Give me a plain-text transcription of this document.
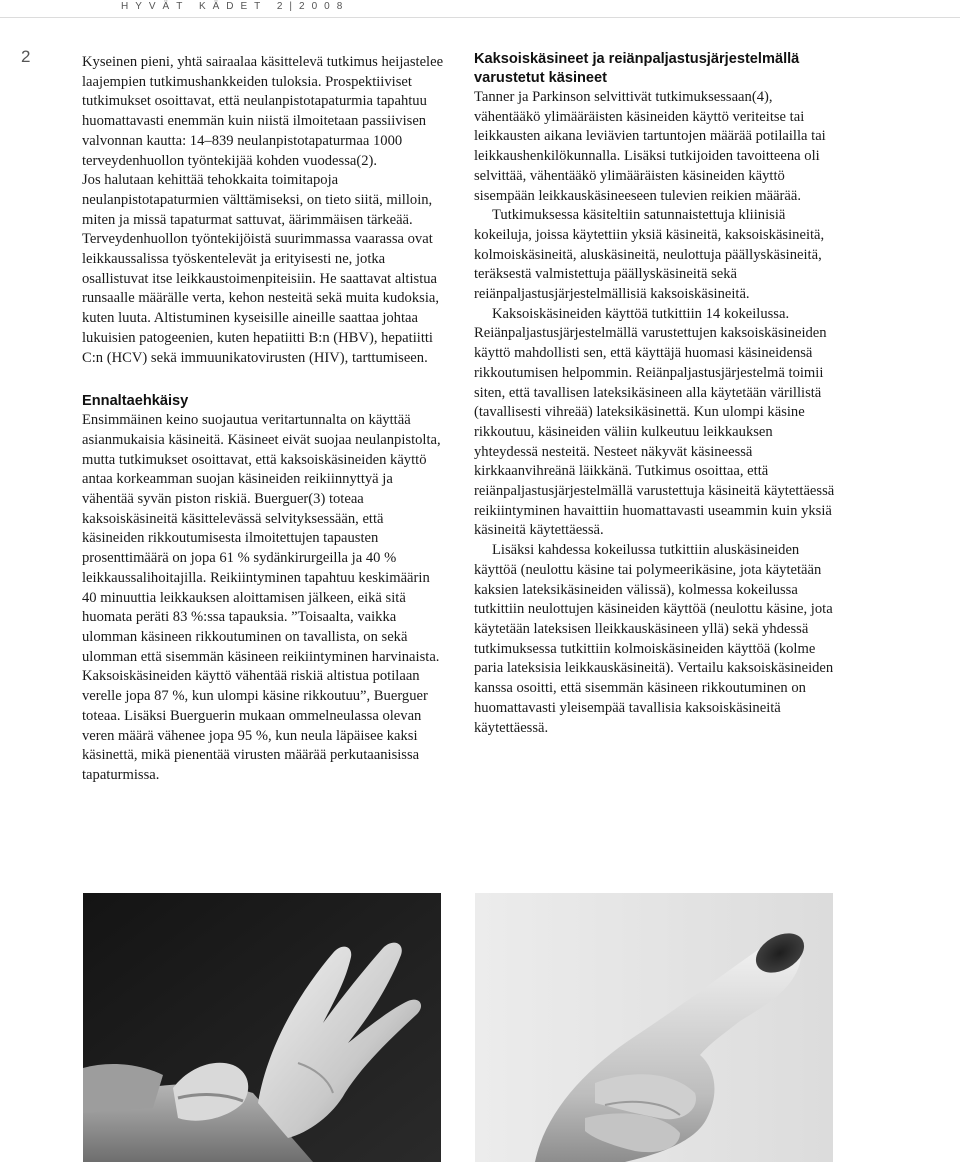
HYVÄT KÄDET 2|2008
2	Kyseinen pieni, yhtä sairaalaa käsittelevä tutkimus heijastelee laajempien tutkimushankkeiden tuloksia. Prospektiiviset tutkimukset osoittavat, että neulanpistotapaturmia tapahtuu huomattavasti enemmän kuin niistä ilmoitetaan passiivisen valvonnan kautta: 14–839 neulanpistotapaturmaa 1000 terveydenhuollon työntekijää kohden vuodessa(2).

Jos halutaan kehittää tehokkaita toimitapoja neulanpistotapaturmien välttämiseksi, on tieto siitä, milloin, miten ja missä tapaturmat sattuvat, äärimmäisen tärkeää. Terveydenhuollon työntekijöistä suurimmassa vaarassa ovat leikkaussalissa työskentelevät ja erityisesti ne, jotka osallistuvat itse leikkaustoimenpiteisiin. He saattavat altistua runsaalle määrälle verta, kehon nesteitä sekä muita kudoksia, kuten luuta. Altistuminen kyseisille aineille saattaa johtaa lukuisien patogeenien, kuten hepatiitti B:n (HBV), hepatiitti C:n (HCV) sekä immuunikatovirusten (HIV), tarttumiseen.

Ennaltaehkäisy

Ensimmäinen keino suojautua veritartunnalta on käyttää asianmukaisia käsineitä. Käsineet eivät suojaa neulanpistolta, mutta tutkimukset osoittavat, että kaksoiskäsineiden käyttö antaa korkeamman suojan käsineiden reikiinnyttyä ja vähentää syvän piston riskiä. Buerguer(3) toteaa kaksoiskäsineitä käsittelevässä selvityksessään, että käsineiden rikkoutumisesta ilmoitettujen tapausten prosenttimäärä on jopa 61 % sydänkirurgeilla ja 40 % leikkaussalihoitajilla. Reikiintyminen tapahtuu keskimäärin 40 minuuttia leikkauksen aloittamisen jälkeen, eikä sitä huomata peräti 83 %:ssa tapauksia. ”Toisaalta, vaikka ulomman käsineen rikkoutuminen on tavallista, on sekä ulomman että sisemmän käsineen reikiintyminen harvinaista. Kaksoiskäsineiden käyttö vähentää riskiä altistua potilaan verelle jopa 87 %, kun ulompi käsine rikkoutuu”, Buerguer toteaa. Lisäksi Buerguerin mukaan ommelneulassa olevan veren määrä vähenee jopa 95 %, kun neula läpäisee kaksi käsinettä, mikä pienentää virusten määrää perkutaanisissa tapaturmissa.

Kaksoiskäsineet ja reiänpaljastusjärjestelmällä varustetut käsineet

Tanner ja Parkinson selvittivät tutkimuksessaan(4), vähentääkö ylimääräisten käsineiden käyttö veriteitse tai leikkausten aikana leviävien tartuntojen määrää potilailla tai leikkaushenkilökunnalla. Lisäksi tutkijoiden tavoitteena oli selvittää, vähentääkö ylimääräisten käsineiden käyttö sisempään leikkauskäsineeseen tulevien reikien määrää.

Tutkimuksessa käsiteltiin satunnaistettuja kliinisiä kokeiluja, joissa käytettiin yksiä käsineitä, kaksoiskäsineitä, kolmoiskäsineitä, aluskäsineitä, neulottuja päällyskäsineitä, teräksestä valmistettuja päällyskäsineitä sekä reiänpaljastusjärjestelmällisiä kaksoiskäsineitä.

Kaksoiskäsineiden käyttöä tutkittiin 14 kokeilussa. Reiänpaljastusjärjestelmällä varustettujen kaksoiskäsineiden käyttö mahdollisti sen, että käyttäjä huomasi käsineidensä rikkoutumisen helpommin. Reiänpaljastusjärjestelmä toimii siten, että tavallisen lateksikäsineen alla käytetään värillistä (tavallisesti vihreää) lateksikäsinettä. Kun ulompi käsine rikkoutuu, käsineiden väliin kulkeutuu leikkauksen yhteydessä nesteitä. Nesteet näkyvät käsineessä kirkkaanvihreänä läikkänä. Tutkimus osoittaa, että reiänpaljastusjärjestelmällä varustettuja käsineitä käytettäessä reikiintyminen havaittiin huomattavasti useammin kuin yksiä käsineitä käytettäessä.

Lisäksi kahdessa kokeilussa tutkittiin aluskäsineiden käyttöä (neulottu käsine tai polymeerikäsine, jota käytetään kaksien lateksikäsineiden välissä), kolmessa kokeilussa tutkittiin neulottujen käsineiden käyttöä (neulottu käsine, jota käytetään lateksisen lleikkauskäsineen yllä) sekä yhdessä tutkimuksessa tutkittiin kolmoiskäsineiden käyttöä (kolme paria lateksisia leikkauskäsineitä). Vertailu kaksoiskäsineiden kanssa osoitti, että sisemmän käsineen rikkoutuminen on huomattavasti yleisempää tavallisia kaksoiskäsineitä käytettäessä.
